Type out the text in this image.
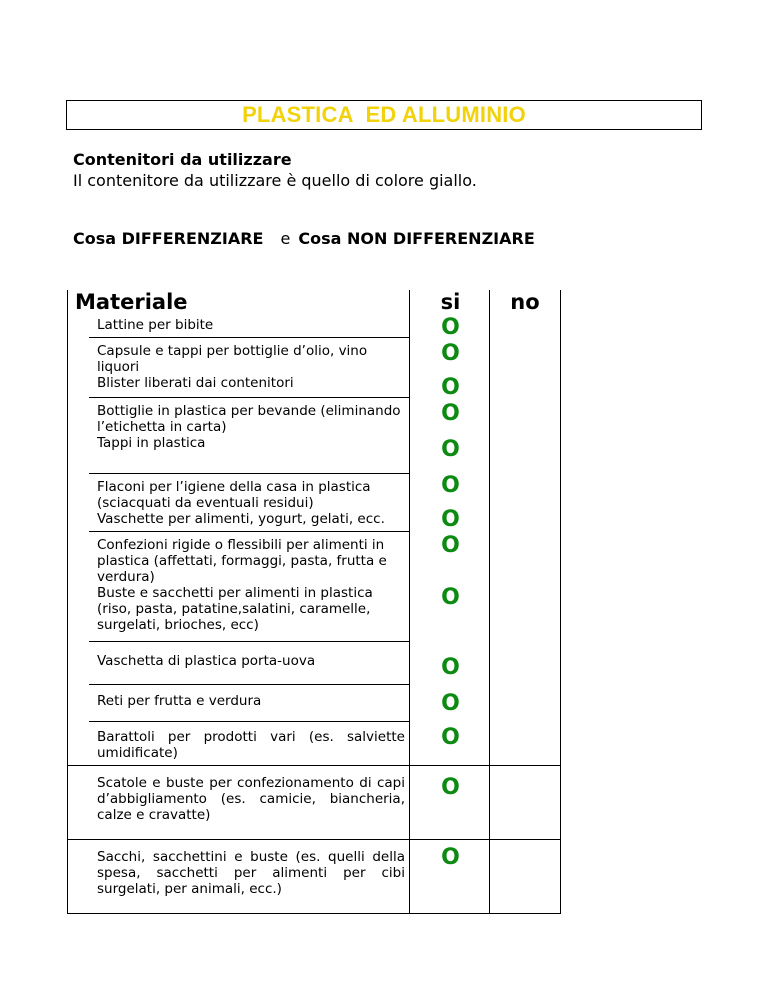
PLASTICA  ED ALLUMINIO
Contenitori da utilizzare
Il contenitore da utilizzare è quello di colore giallo.
Cosa DIFFERENZIARE e Cosa NON DIFFERENZIARE
Materiale	si	no
Lattine per bibite
Capsule e tappi per bottiglie d’olio, vino liquori
Blister liberati dai contenitori
Bottiglie in plastica per bevande (eliminando l’etichetta in carta)
Tappi in plastica
Flaconi per l’igiene della casa in plastica (sciacquati da eventuali residui)
Vaschette per alimenti, yogurt, gelati, ecc.
Confezioni rigide o flessibili per alimenti in plastica (affettati, formaggi, pasta, frutta e verdura)
Buste e sacchetti per alimenti in plastica (riso, pasta, patatine,salatini, caramelle, surgelati, brioches, ecc)
Vaschetta di plastica porta-uova
Reti per frutta e verdura
Barattoli per prodotti vari (es. salviette umidificate)
Scatole e buste per confezionamento di capi d’abbigliamento (es. camicie, biancheria, calze e cravatte)
Sacchi, sacchettini e buste (es. quelli della spesa, sacchetti per alimenti per cibi surgelati, per animali, ecc.)
O
O
O
O
O
O
O
O
O
O
O
O
O
O
